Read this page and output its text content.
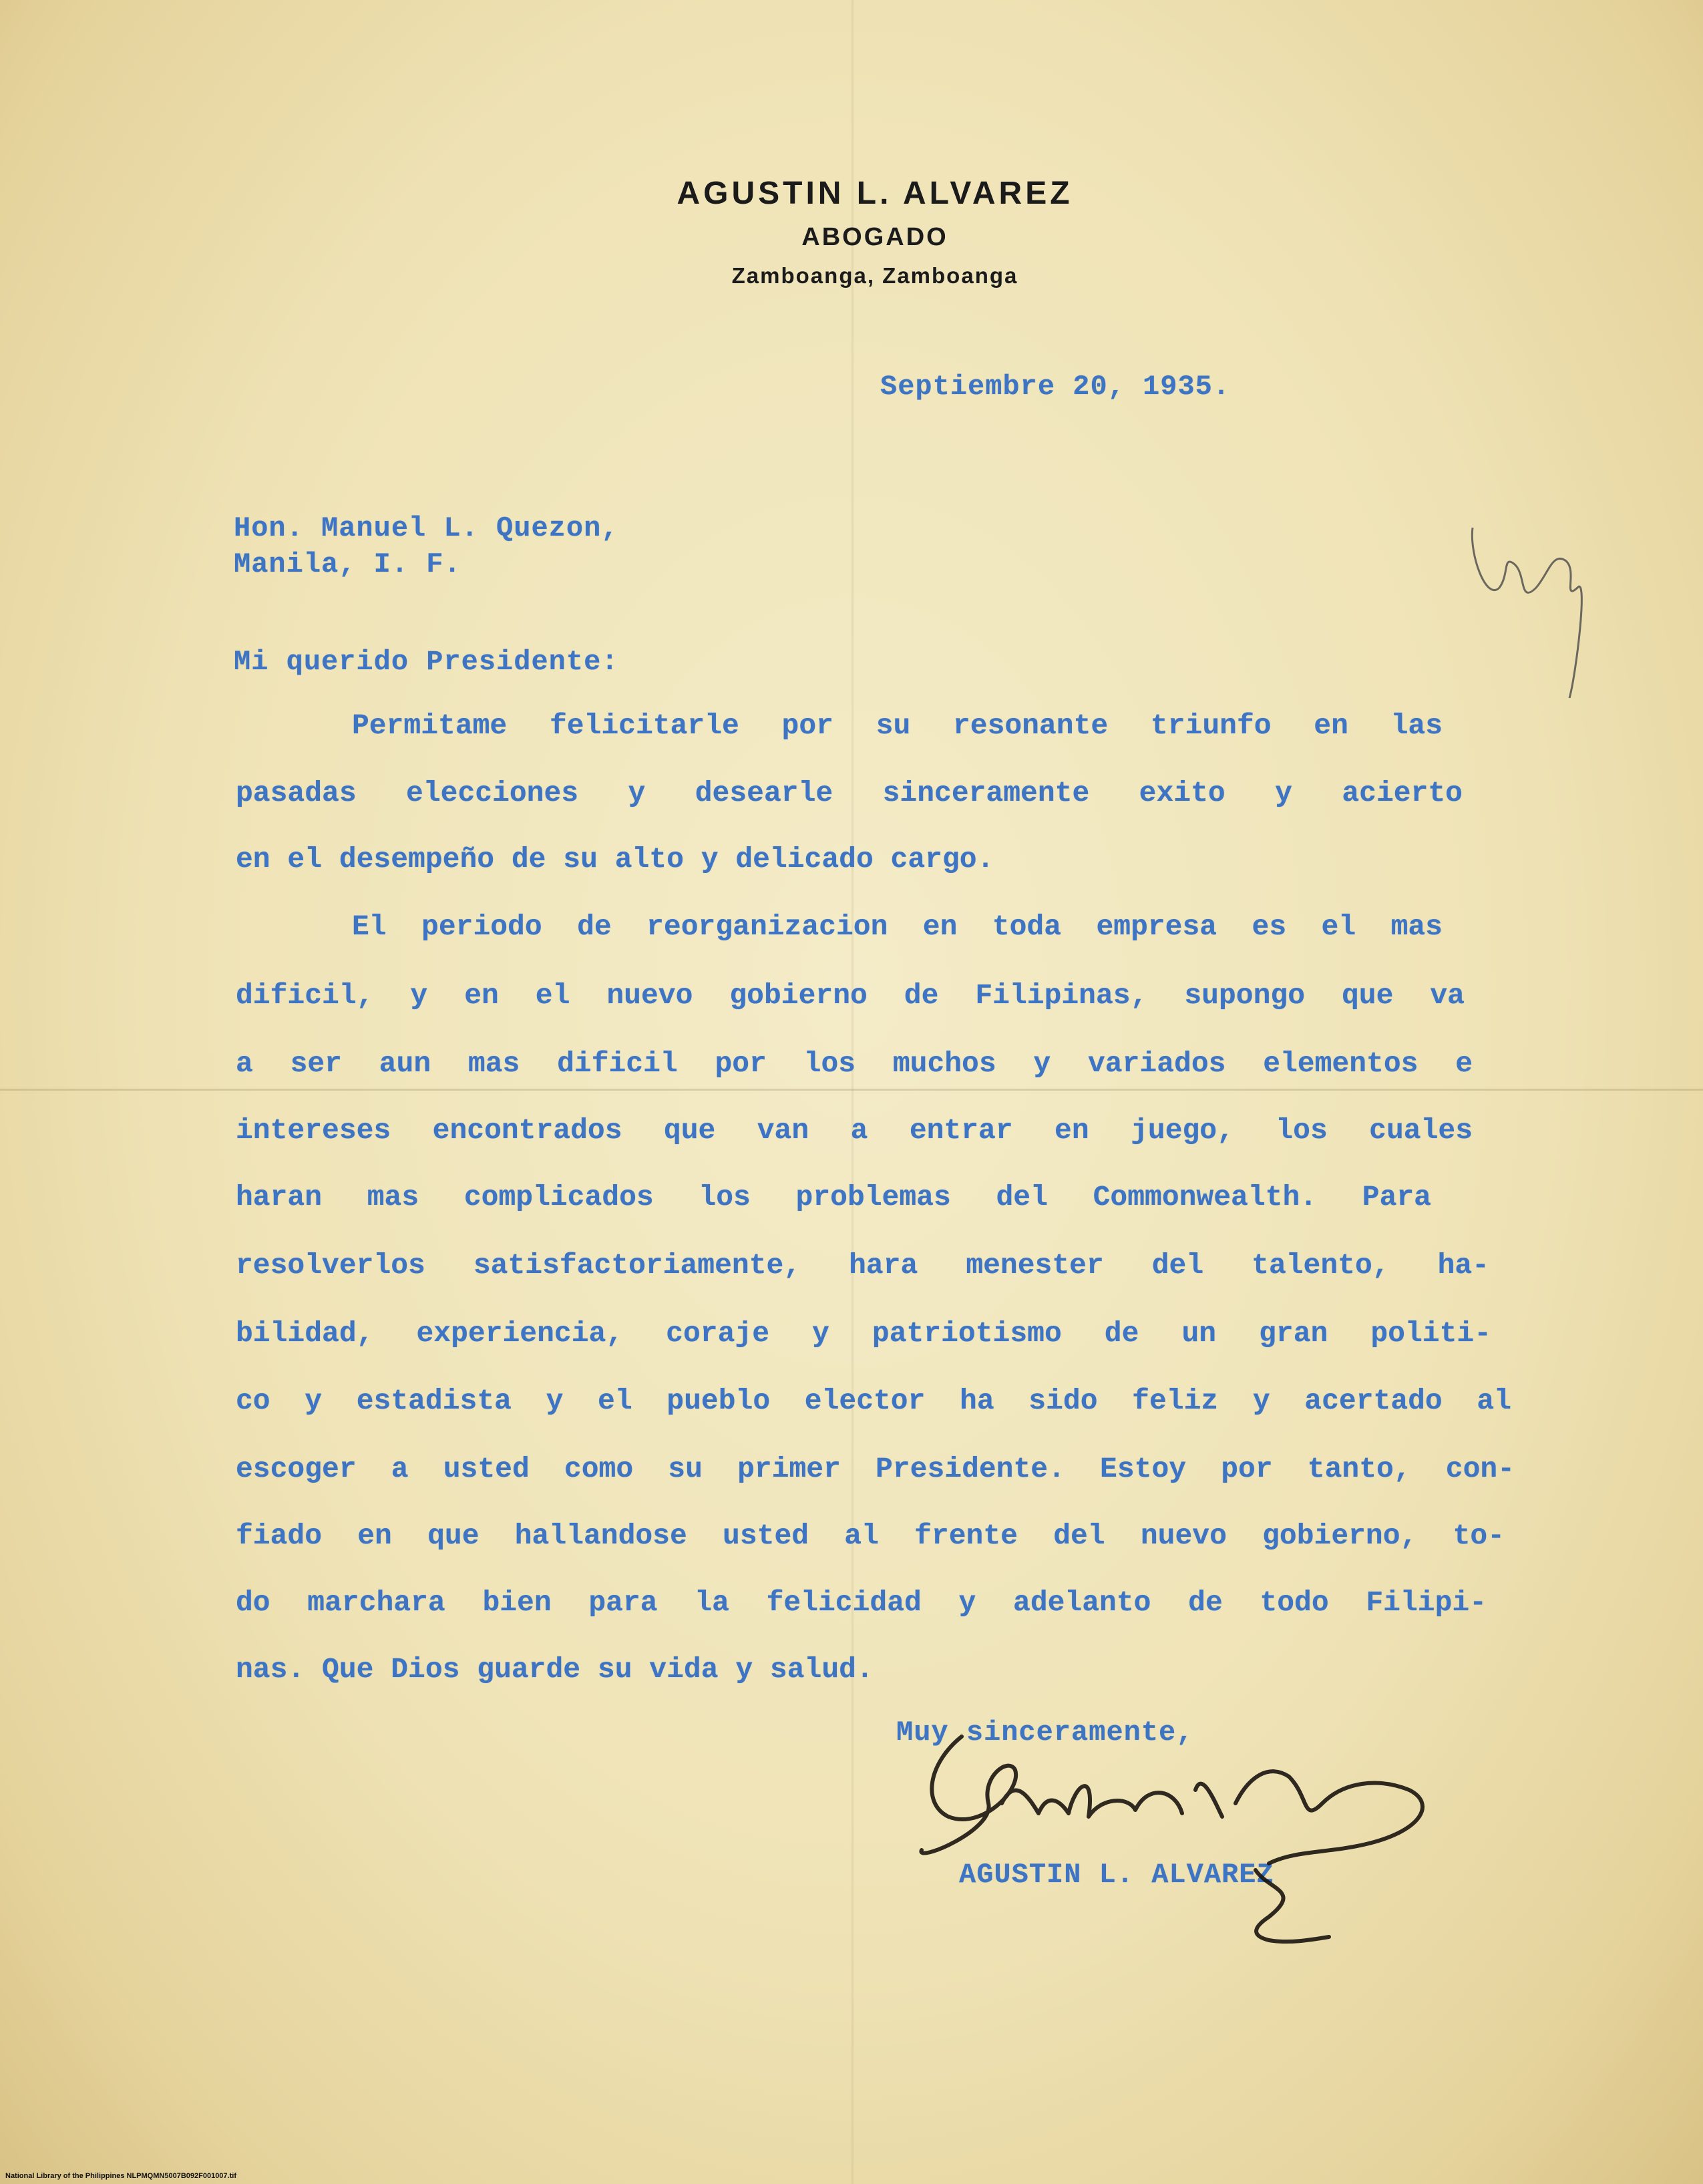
AGUSTIN L. ALVAREZ

ABOGADO

Zamboanga, Zamboanga

Septiembre 20, 1935.

Hon. Manuel L. Quezon,

Manila, I. F.

Mi querido Presidente:

Permitame felicitarle por su resonante triunfo en las

pasadas elecciones y desearle sinceramente exito y acierto

en el desempeño de su alto y delicado cargo.

El periodo de reorganizacion en toda empresa es el mas

dificil, y en el nuevo gobierno de Filipinas, supongo que va

a ser aun mas dificil por los muchos y variados elementos e

intereses encontrados que van a entrar en juego, los cuales

haran mas complicados los problemas del Commonwealth. Para

resolverlos satisfactoriamente, hara menester del talento, ha-

bilidad, experiencia, coraje y patriotismo de un gran politi-

co y estadista y el pueblo elector ha sido feliz y acertado al

escoger a usted como su primer Presidente. Estoy por tanto, con-

fiado en que hallandose usted al frente del nuevo gobierno, to-

do marchara bien para la felicidad y adelanto de todo Filipi-

nas. Que Dios guarde su vida y salud.

Muy sinceramente,

AGUSTIN L. ALVAREZ

National Library of the Philippines NLPMQMN5007B092F001007.tif
